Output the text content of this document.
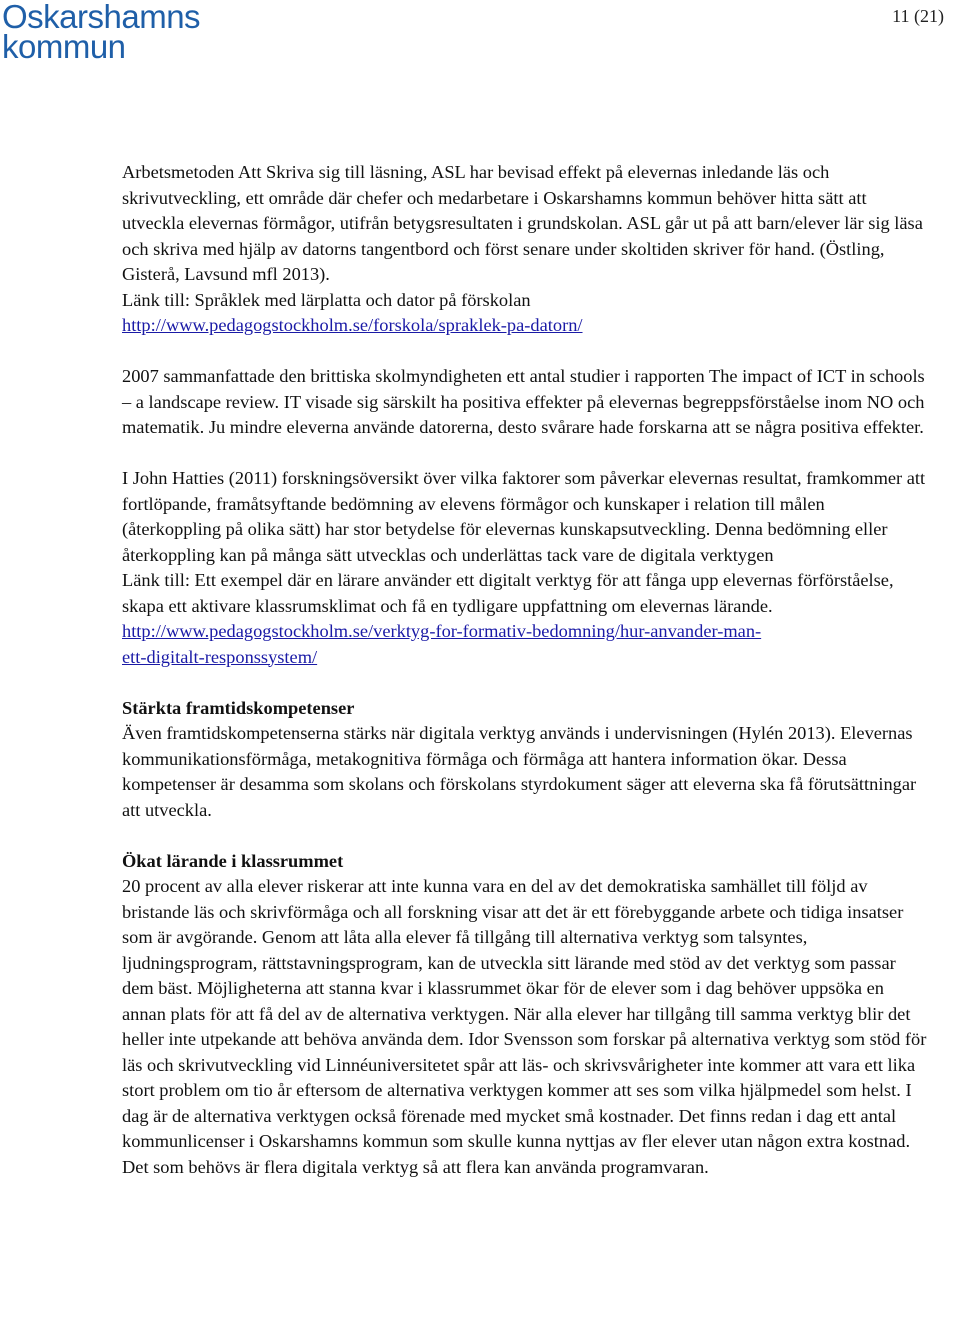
Oskarshamns
kommun
11 (21)

Arbetsmetoden Att Skriva sig till läsning, ASL har bevisad effekt på elevernas inledande läs och skrivutveckling, ett område där chefer och medarbetare i Oskarshamns kommun behöver hitta sätt att utveckla elevernas förmågor, utifrån betygsresultaten i grundskolan. ASL går ut på att barn/elever lär sig läsa och skriva med hjälp av datorns tangentbord och först senare under skoltiden skriver för hand. (Östling, Gisterå, Lavsund mfl 2013).

Länk till: Språklek med lärplatta och dator på förskolan

http://www.pedagogstockholm.se/forskola/spraklek-pa-datorn/

2007 sammanfattade den brittiska skolmyndigheten ett antal studier i rapporten The impact of ICT in schools – a landscape review. IT visade sig särskilt ha positiva effekter på elevernas begreppsförståelse inom NO och matematik. Ju mindre eleverna använde datorerna, desto svårare hade forskarna att se några positiva effekter.

I John Hatties (2011) forskningsöversikt över vilka faktorer som påverkar elevernas resultat, framkommer att fortlöpande, framåtsyftande bedömning av elevens förmågor och kunskaper i relation till målen (återkoppling på olika sätt) har stor betydelse för elevernas kunskapsutveckling. Denna bedömning eller återkoppling kan på många sätt utvecklas och underlättas tack vare de digitala verktygen

Länk till: Ett exempel där en lärare använder ett digitalt verktyg för att fånga upp elevernas förförståelse, skapa ett aktivare klassrumsklimat och få en tydligare uppfattning om elevernas lärande.

http://www.pedagogstockholm.se/verktyg-for-formativ-bedomning/hur-anvander-man-
ett-digitalt-responssystem/

Stärkta framtidskompetenser

Även framtidskompetenserna stärks när digitala verktyg används i undervisningen (Hylén 2013). Elevernas kommunikationsförmåga, metakognitiva förmåga och förmåga att hantera information ökar. Dessa kompetenser är desamma som skolans och förskolans styrdokument säger att eleverna ska få förutsättningar att utveckla.

Ökat lärande i klassrummet

20 procent av alla elever riskerar att inte kunna vara en del av det demokratiska samhället till följd av bristande läs och skrivförmåga och all forskning visar att det är ett förebyggande arbete och tidiga insatser som är avgörande. Genom att låta alla elever få tillgång till alternativa verktyg som talsyntes, ljudningsprogram, rättstavningsprogram, kan de utveckla sitt lärande med stöd av det verktyg som passar dem bäst. Möjligheterna att stanna kvar i klassrummet ökar för de elever som i dag behöver uppsöka en annan plats för att få del av de alternativa verktygen. När alla elever har tillgång till samma verktyg blir det heller inte utpekande att behöva använda dem. Idor Svensson som forskar på alternativa verktyg som stöd för läs och skrivutveckling vid Linnéuniversitetet spår att läs- och skrivsvårigheter inte kommer att vara ett lika stort problem om tio år eftersom de alternativa verktygen kommer att ses som vilka hjälpmedel som helst. I dag är de alternativa verktygen också förenade med mycket små kostnader. Det finns redan i dag ett antal kommunlicenser i Oskarshamns kommun som skulle kunna nyttjas av fler elever utan någon extra kostnad. Det som behövs är flera digitala verktyg så att flera kan använda programvaran.
